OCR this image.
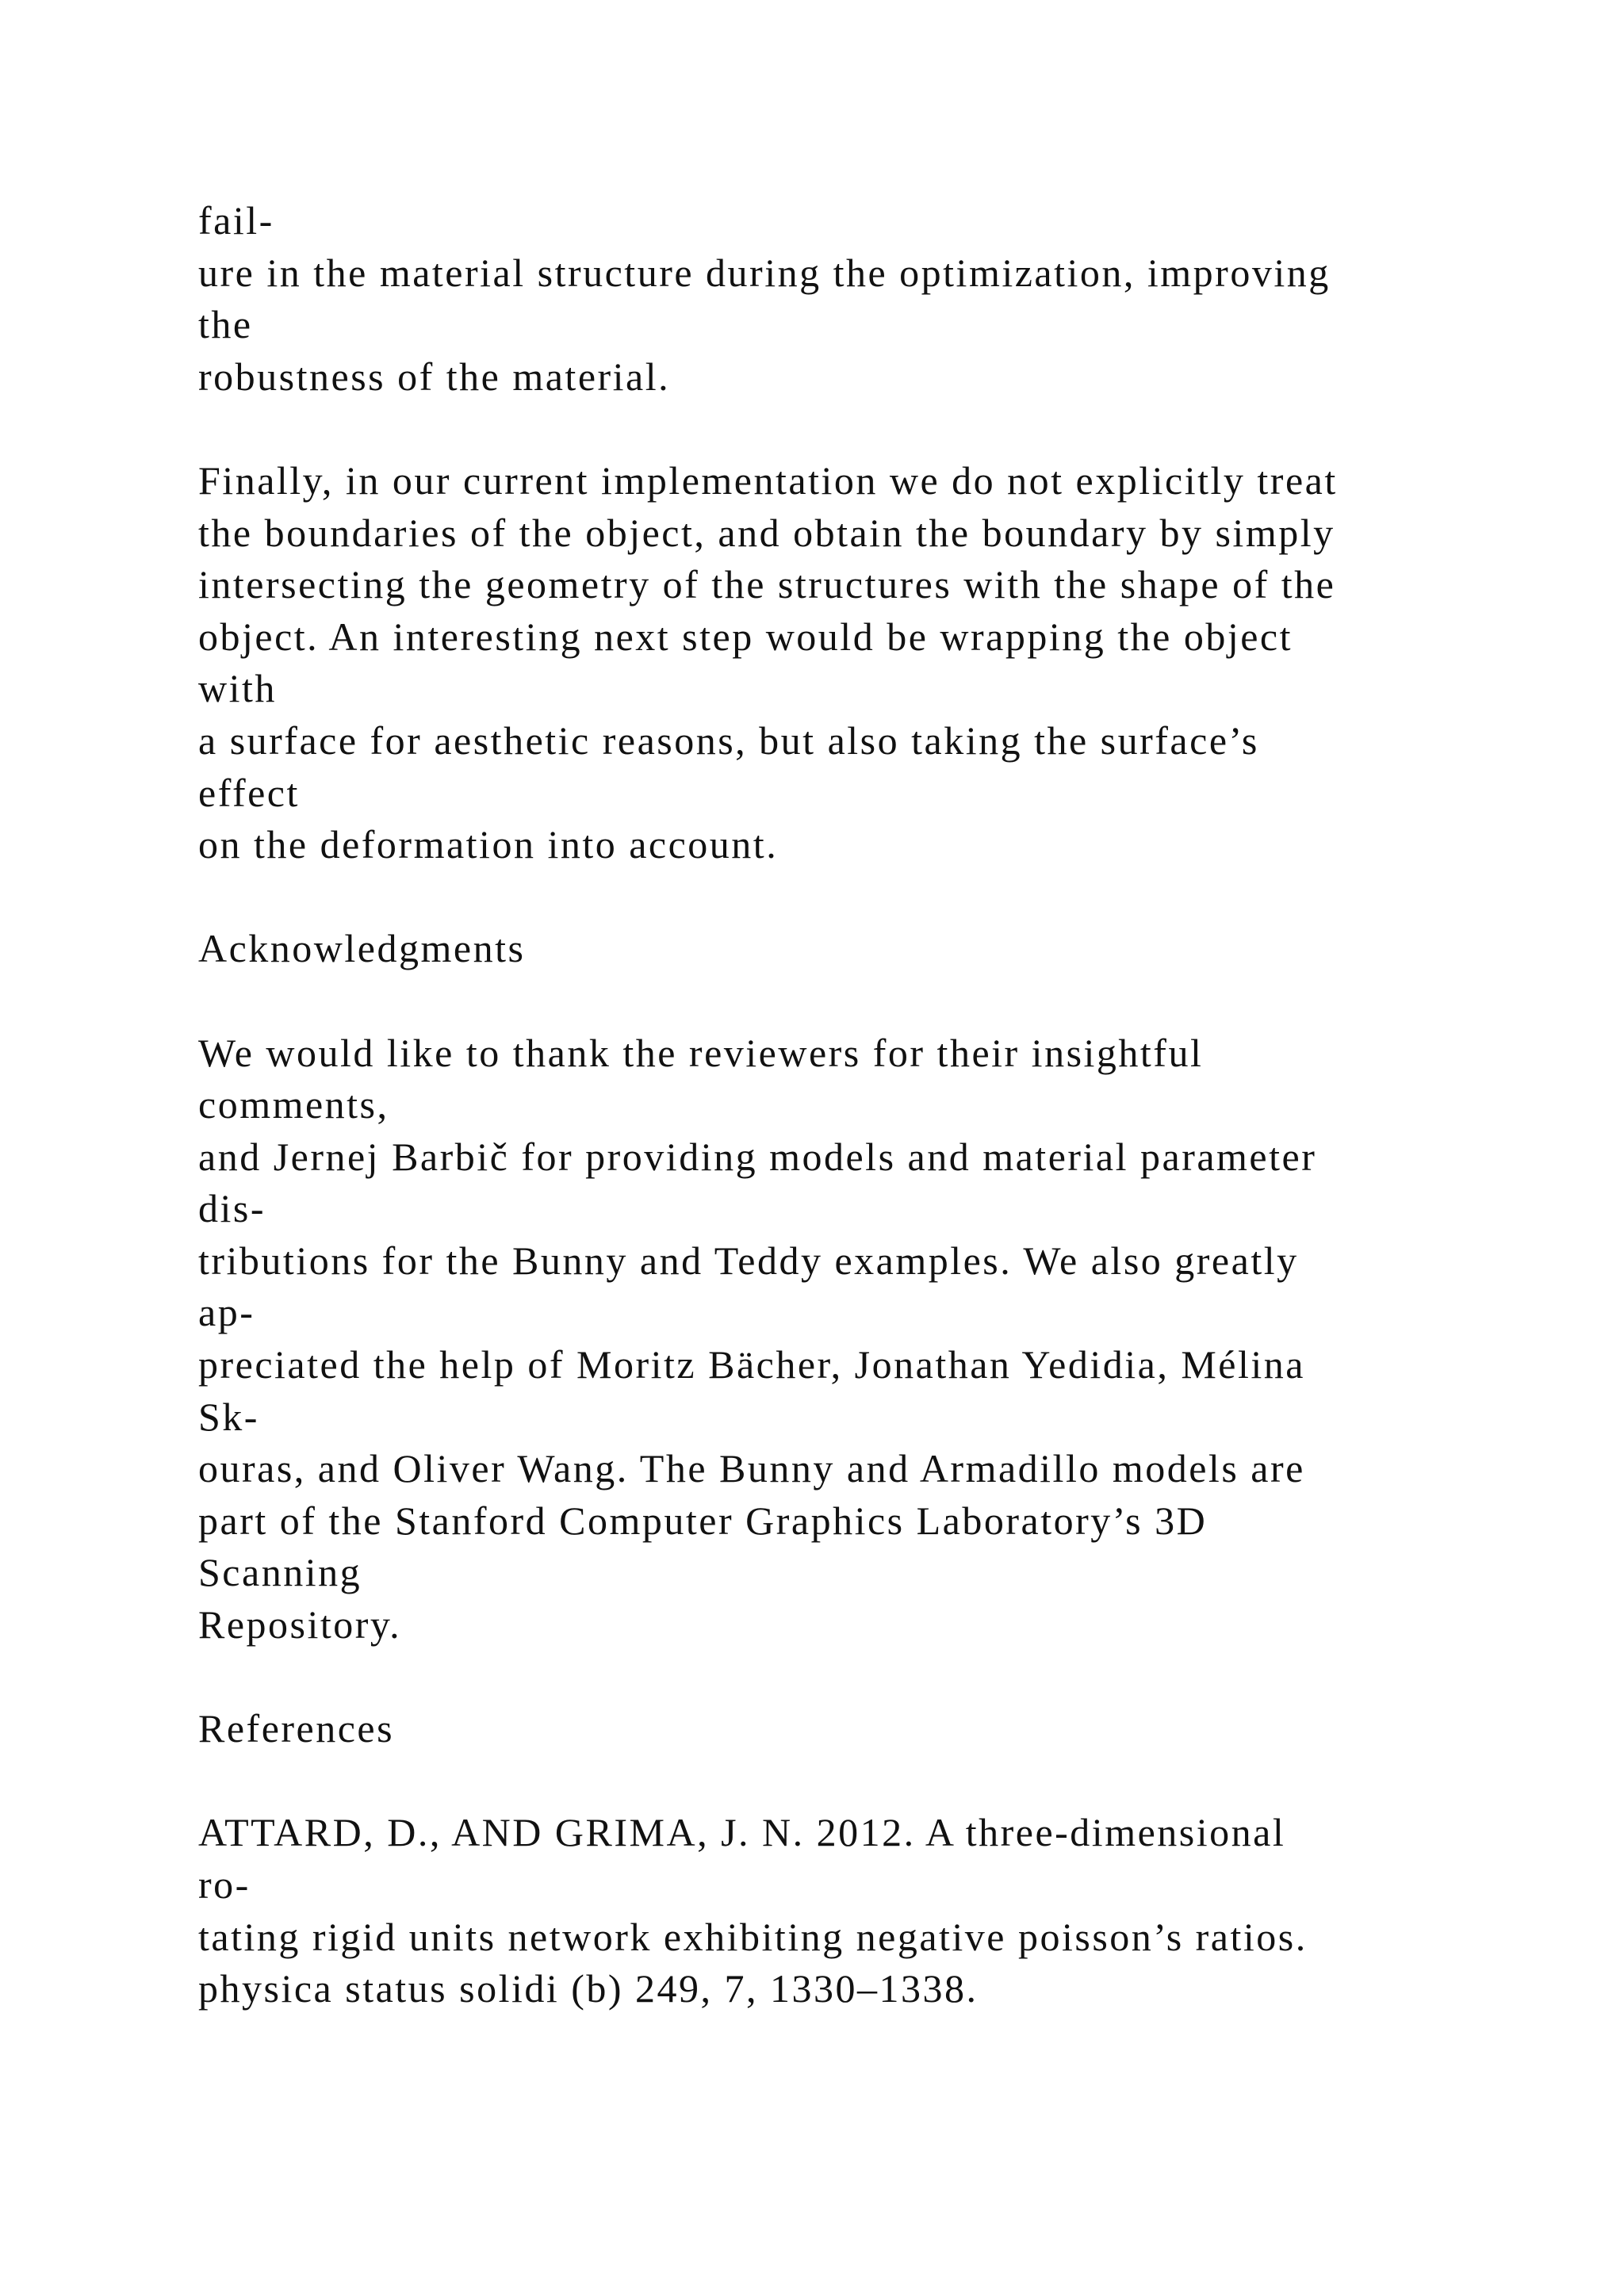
fail-
ure in the material structure during the optimization, improving
the
robustness of the material.
Finally, in our current implementation we do not explicitly treat
the boundaries of the object, and obtain the boundary by simply
intersecting the geometry of the structures with the shape of the
object. An interesting next step would be wrapping the object
with
a surface for aesthetic reasons, but also taking the surface’s
effect
on the deformation into account.
Acknowledgments
We would like to thank the reviewers for their insightful
comments,
and Jernej Barbič for providing models and material parameter
dis-
tributions for the Bunny and Teddy examples. We also greatly
ap-
preciated the help of Moritz Bächer, Jonathan Yedidia, Mélina
Sk-
ouras, and Oliver Wang. The Bunny and Armadillo models are
part of the Stanford Computer Graphics Laboratory’s 3D
Scanning
Repository.
References
ATTARD, D., AND GRIMA, J. N. 2012. A three-dimensional
ro-
tating rigid units network exhibiting negative poisson’s ratios.
physica status solidi (b) 249, 7, 1330–1338.
